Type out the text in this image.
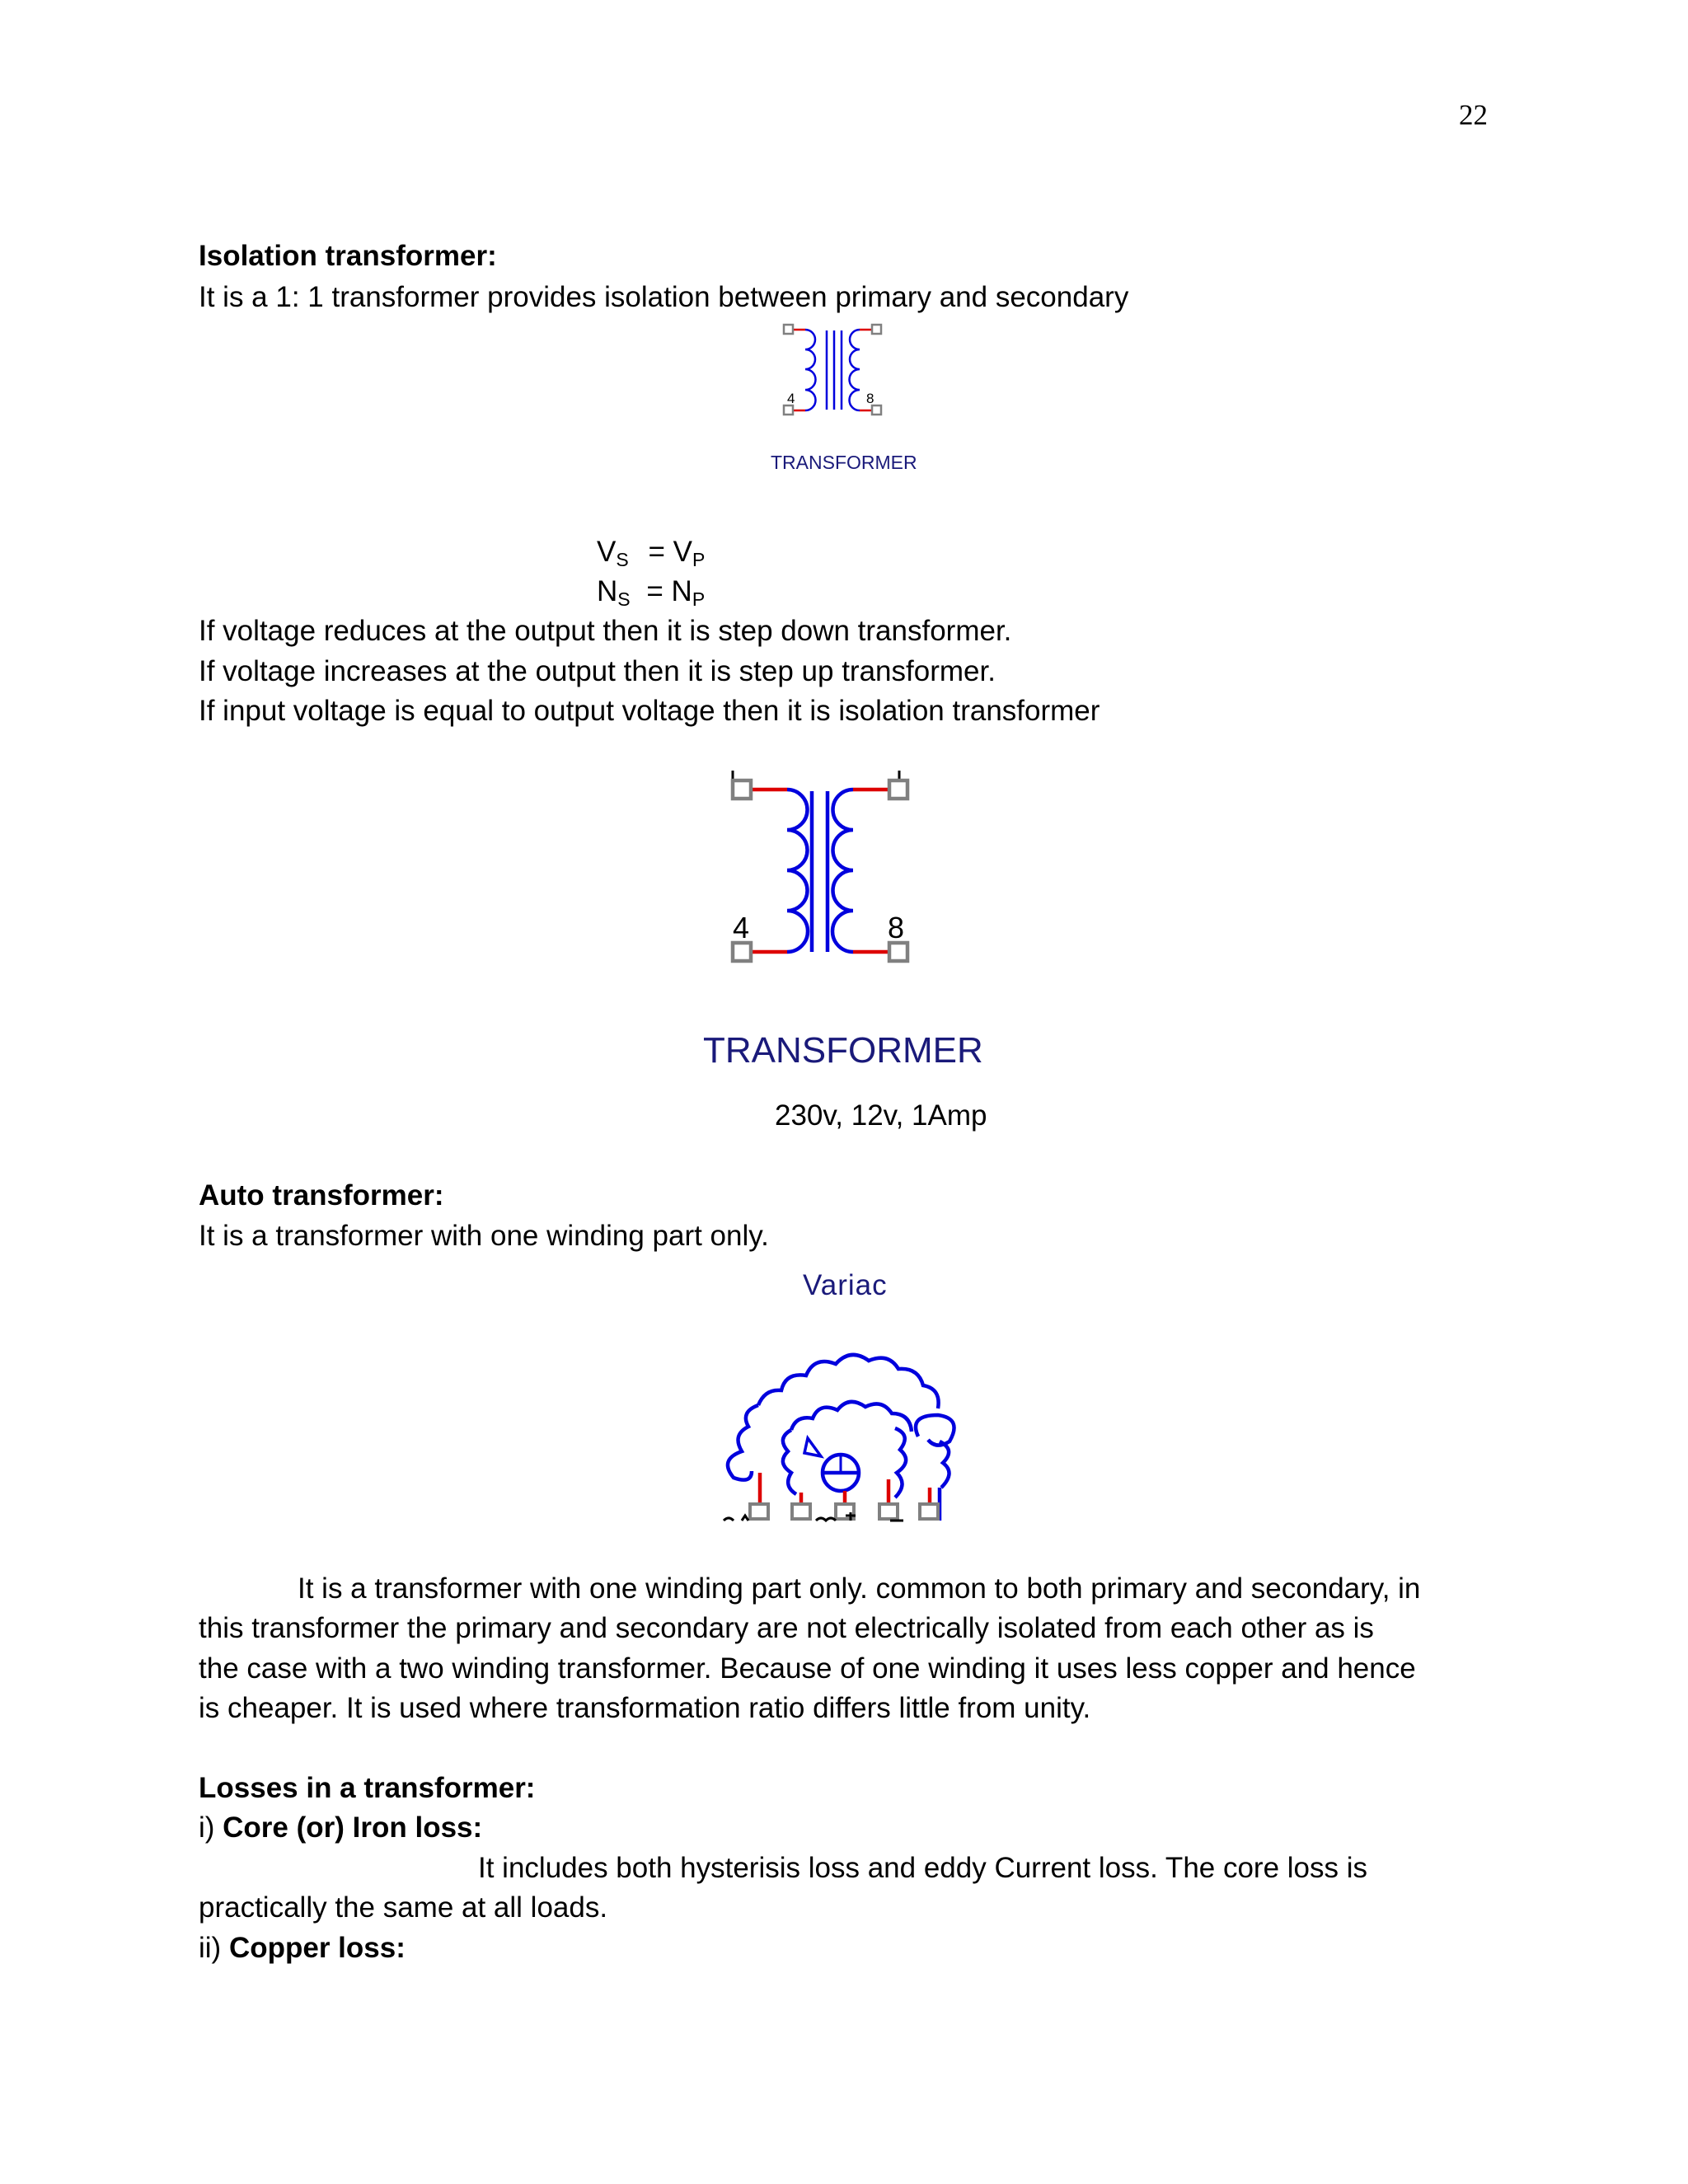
22
Isolation transformer:
It is a 1: 1 transformer provides isolation between primary and secondary
4	8
TRANSFORMER
$V_S = V_P$
$N_S = N_P$
If voltage reduces at the output then it is step down transformer.
If voltage increases at the output then it is step up transformer.
If input voltage is equal to output voltage then it is isolation transformer
4	8
TRANSFORMER
230v, 12v, 1Amp
Auto transformer:
It is a transformer with one winding part only.
Variac
It is a transformer with one winding part only. common to both primary and secondary, in
this transformer the primary and secondary are not electrically isolated from each other as is
the case with a two winding transformer. Because of one winding it uses less copper and hence
is cheaper. It is used where transformation ratio differs little from unity.
Losses in a transformer:
i) Core (or) Iron loss:
It includes both hysterisis loss and eddy Current loss. The core loss is
practically the same at all loads.
ii) Copper loss:
